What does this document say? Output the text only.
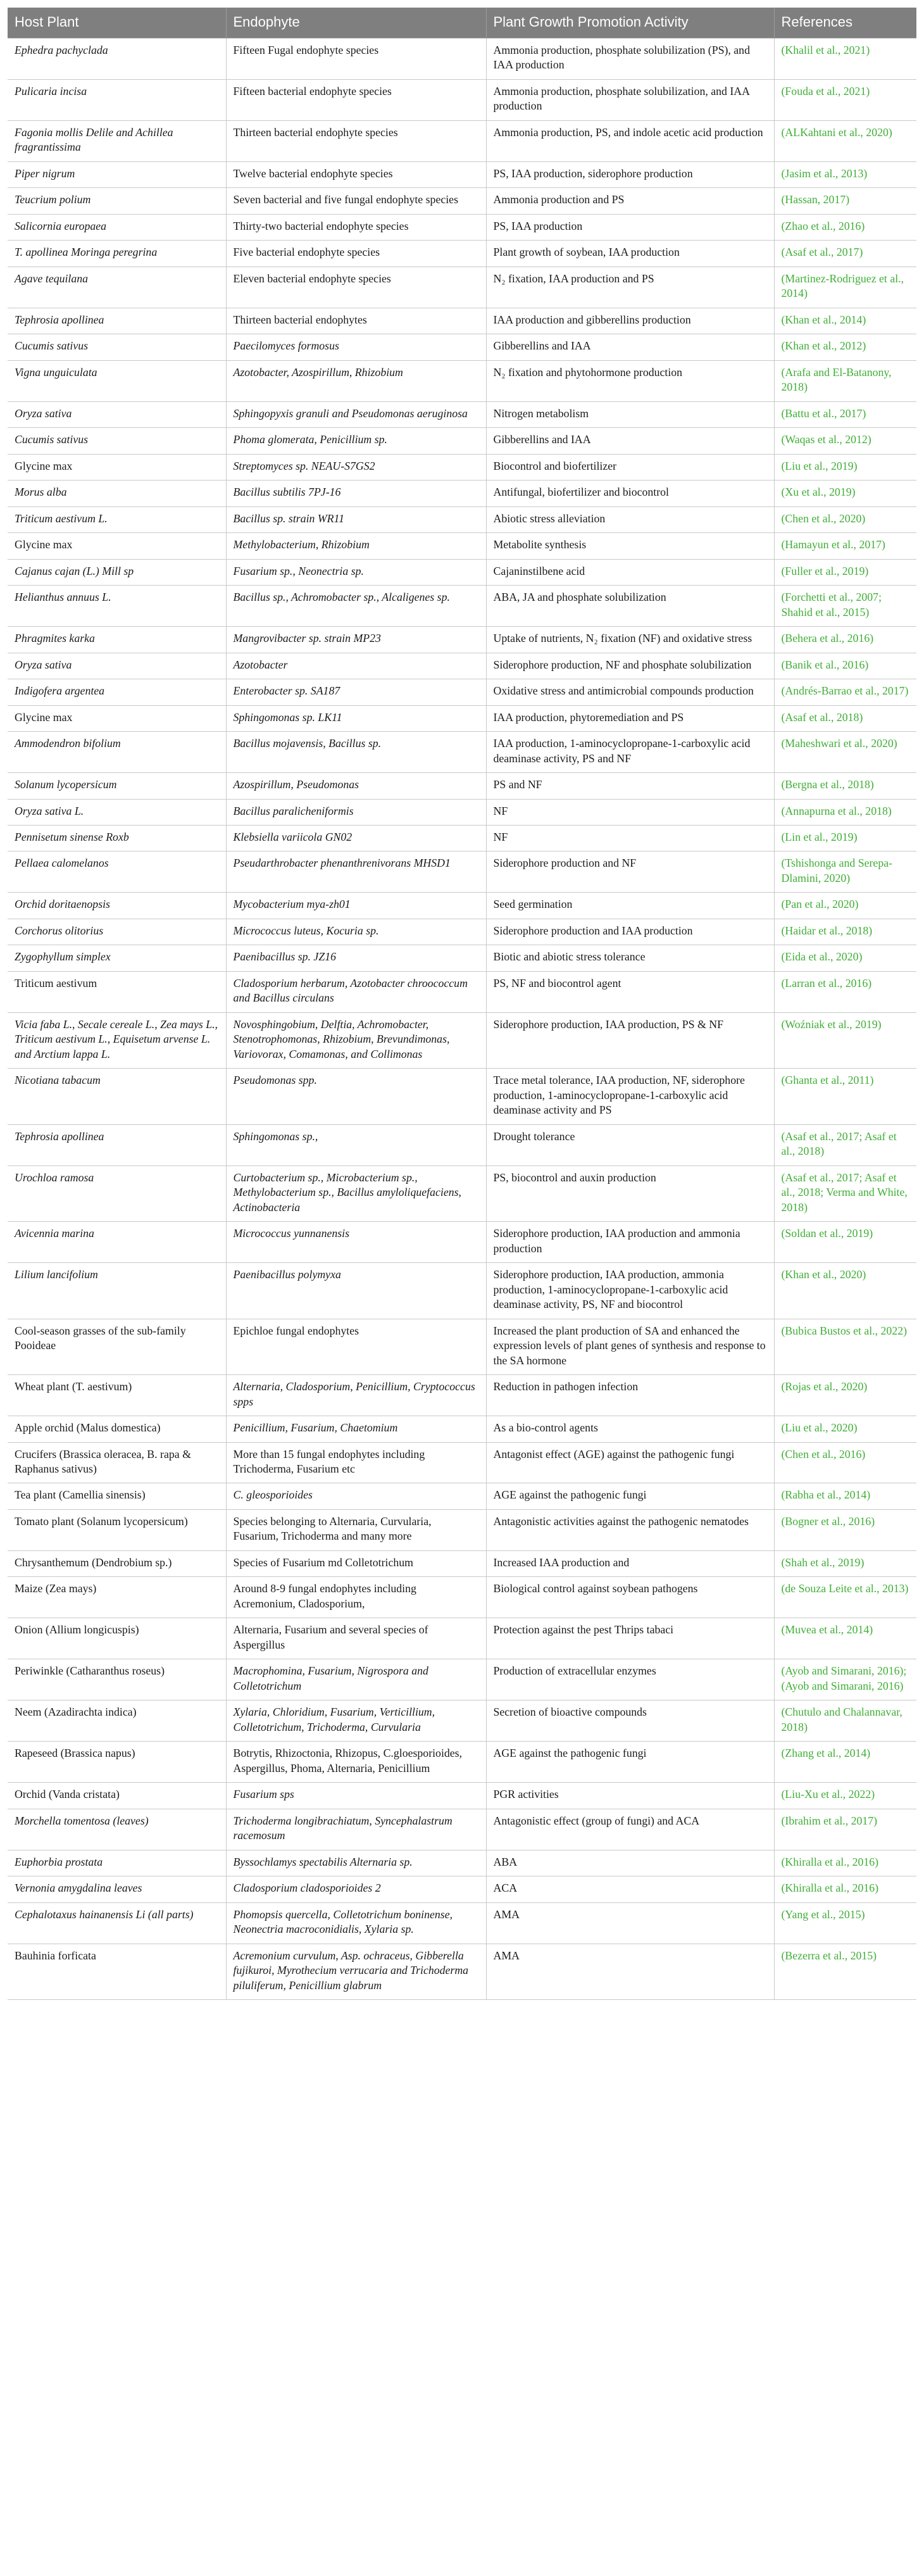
Host Plant	Endophyte	Plant Growth Promotion Activity	References
Ephedra pachyclada	Fifteen Fugal endophyte species	Ammonia production, phosphate solubilization (PS), and IAA production	(Khalil et al., 2021)
Pulicaria incisa	Fifteen bacterial endophyte species	Ammonia production, phosphate solubilization, and IAA production	(Fouda et al., 2021)
Fagonia mollis Delile and Achillea fragrantissima	Thirteen bacterial endophyte species	Ammonia production, PS, and indole acetic acid production	(ALKahtani et al., 2020)
Piper nigrum	Twelve bacterial endophyte species	PS, IAA production, siderophore production	(Jasim et al., 2013)
Teucrium polium	Seven bacterial and five fungal endophyte species	Ammonia production and PS	(Hassan, 2017)
Salicornia europaea	Thirty-two bacterial endophyte species	PS, IAA production	(Zhao et al., 2016)
T. apollinea Moringa peregrina	Five bacterial endophyte species	Plant growth of soybean, IAA production	(Asaf et al., 2017)
Agave tequilana	Eleven bacterial endophyte species	N₂ fixation, IAA production and PS	(Martinez-Rodriguez et al., 2014)
Tephrosia apollinea	Thirteen bacterial endophytes	IAA production and gibberellins production	(Khan et al., 2014)
Cucumis sativus	Paecilomyces formosus	Gibberellins and IAA	(Khan et al., 2012)
Vigna unguiculata	Azotobacter, Azospirillum, Rhizobium	N₂ fixation and phytohormone production	(Arafa and El-Batanony, 2018)
Oryza sativa	Sphingopyxis granuli and Pseudomonas aeruginosa	Nitrogen metabolism	(Battu et al., 2017)
Cucumis sativus	Phoma glomerata, Penicillium sp.	Gibberellins and IAA	(Waqas et al., 2012)
Glycine max	Streptomyces sp. NEAU-S7GS2	Biocontrol and biofertilizer	(Liu et al., 2019)
Morus alba	Bacillus subtilis 7PJ-16	Antifungal, biofertilizer and biocontrol	(Xu et al., 2019)
Triticum aestivum L.	Bacillus sp. strain WR11	Abiotic stress alleviation	(Chen et al., 2020)
Glycine max	Methylobacterium, Rhizobium	Metabolite synthesis	(Hamayun et al., 2017)
Cajanus cajan (L.) Mill sp	Fusarium sp., Neonectria sp.	Cajaninstilbene acid	(Fuller et al., 2019)
Helianthus annuus L.	Bacillus sp., Achromobacter sp., Alcaligenes sp.	ABA, JA and phosphate solubilization	(Forchetti et al., 2007; Shahid et al., 2015)
Phragmites karka	Mangrovibacter sp. strain MP23	Uptake of nutrients, N₂ fixation (NF) and oxidative stress	(Behera et al., 2016)
Oryza sativa	Azotobacter	Siderophore production, NF and phosphate solubilization	(Banik et al., 2016)
Indigofera argentea	Enterobacter sp. SA187	Oxidative stress and antimicrobial compounds production	(Andrés-Barrao et al., 2017)
Glycine max	Sphingomonas sp. LK11	IAA production, phytoremediation and PS	(Asaf et al., 2018)
Ammodendron bifolium	Bacillus mojavensis, Bacillus sp.	IAA production, 1-aminocyclopropane-1-carboxylic acid deaminase activity, PS and NF	(Maheshwari et al., 2020)
Solanum lycopersicum	Azospirillum, Pseudomonas	PS and NF	(Bergna et al., 2018)
Oryza sativa L.	Bacillus paralicheniformis	NF	(Annapurna et al., 2018)
Pennisetum sinense Roxb	Klebsiella variicola GN02	NF	(Lin et al., 2019)
Pellaea calomelanos	Pseudarthrobacter phenanthrenivorans MHSD1	Siderophore production and NF	(Tshishonga and Serepa-Dlamini, 2020)
Orchid doritaenopsis	Mycobacterium mya-zh01	Seed germination	(Pan et al., 2020)
Corchorus olitorius	Micrococcus luteus, Kocuria sp.	Siderophore production and IAA production	(Haidar et al., 2018)
Zygophyllum simplex	Paenibacillus sp. JZ16	Biotic and abiotic stress tolerance	(Eida et al., 2020)
Triticum aestivum	Cladosporium herbarum, Azotobacter chroococcum and Bacillus circulans	PS, NF and biocontrol agent	(Larran et al., 2016)
Vicia faba L., Secale cereale L., Zea mays L., Triticum aestivum L., Equisetum arvense L. and Arctium lappa L.	Novosphingobium, Delftia, Achromobacter, Stenotrophomonas, Rhizobium, Brevundimonas, Variovorax, Comamonas, and Collimonas	Siderophore production, IAA production, PS & NF	(Woźniak et al., 2019)
Nicotiana tabacum	Pseudomonas spp.	Trace metal tolerance, IAA production, NF, siderophore production, 1-aminocyclopropane-1-carboxylic acid deaminase activity and PS	(Ghanta et al., 2011)
Tephrosia apollinea	Sphingomonas sp.,	Drought tolerance	(Asaf et al., 2017; Asaf et al., 2018)
Urochloa ramosa	Curtobacterium sp., Microbacterium sp., Methylobacterium sp., Bacillus amyloliquefaciens, Actinobacteria	PS, biocontrol and auxin production	(Asaf et al., 2017; Asaf et al., 2018; Verma and White, 2018)
Avicennia marina	Micrococcus yunnanensis	Siderophore production, IAA production and ammonia production	(Soldan et al., 2019)
Lilium lancifolium	Paenibacillus polymyxa	Siderophore production, IAA production, ammonia production, 1-aminocyclopropane-1-carboxylic acid deaminase activity, PS, NF and biocontrol	(Khan et al., 2020)
Cool-season grasses of the sub-family Pooideae	Epichloe fungal endophytes	Increased the plant production of SA and enhanced the expression levels of plant genes of synthesis and response to the SA hormone	(Bubica Bustos et al., 2022)
Wheat plant (T. aestivum)	Alternaria, Cladosporium, Penicillium, Cryptococcus spps	Reduction in pathogen infection	(Rojas et al., 2020)
Apple orchid (Malus domestica)	Penicillium, Fusarium, Chaetomium	As a bio-control agents	(Liu et al., 2020)
Crucifers (Brassica oleracea, B. rapa & Raphanus sativus)	More than 15 fungal endophytes including Trichoderma, Fusarium etc	Antagonist effect (AGE) against the pathogenic fungi	(Chen et al., 2016)
Tea plant (Camellia sinensis)	C. gleosporioides	AGE against the pathogenic fungi	(Rabha et al., 2014)
Tomato plant (Solanum lycopersicum)	Species belonging to Alternaria, Curvularia, Fusarium, Trichoderma and many more	Antagonistic activities against the pathogenic nematodes	(Bogner et al., 2016)
Chrysanthemum (Dendrobium sp.)	Species of Fusarium md Colletotrichum	Increased IAA production and	(Shah et al., 2019)
Maize (Zea mays)	Around 8-9 fungal endophytes including Acremonium, Cladosporium,	Biological control against soybean pathogens	(de Souza Leite et al., 2013)
Onion (Allium longicuspis)	Alternaria, Fusarium and several species of Aspergillus	Protection against the pest Thrips tabaci	(Muvea et al., 2014)
Periwinkle (Catharanthus roseus)	Macrophomina, Fusarium, Nigrospora and Colletotrichum	Production of extracellular enzymes	(Ayob and Simarani, 2016); (Ayob and Simarani, 2016)
Neem (Azadirachta indica)	Xylaria, Chloridium, Fusarium, Verticillium, Colletotrichum, Trichoderma, Curvularia	Secretion of bioactive compounds	(Chutulo and Chalannavar, 2018)
Rapeseed (Brassica napus)	Botrytis, Rhizoctonia, Rhizopus, C.gloesporioides, Aspergillus, Phoma, Alternaria, Penicillium	AGE against the pathogenic fungi	(Zhang et al., 2014)
Orchid (Vanda cristata)	Fusarium sps	PGR activities	(Liu-Xu et al., 2022)
Morchella tomentosa (leaves)	Trichoderma longibrachiatum, Syncephalastrum racemosum	Antagonistic effect (group of fungi) and ACA	(Ibrahim et al., 2017)
Euphorbia prostata	Byssochlamys spectabilis Alternaria sp.	ABA	(Khiralla et al., 2016)
Vernonia amygdalina leaves	Cladosporium cladosporioides 2	ACA	(Khiralla et al., 2016)
Cephalotaxus hainanensis Li (all parts)	Phomopsis quercella, Colletotrichum boninense, Neonectria macroconidialis, Xylaria sp.	AMA	(Yang et al., 2015)
Bauhinia forficata	Acremonium curvulum, Asp. ochraceus, Gibberella fujikuroi, Myrothecium verrucaria and Trichoderma piluliferum, Penicillium glabrum	AMA	(Bezerra et al., 2015)
